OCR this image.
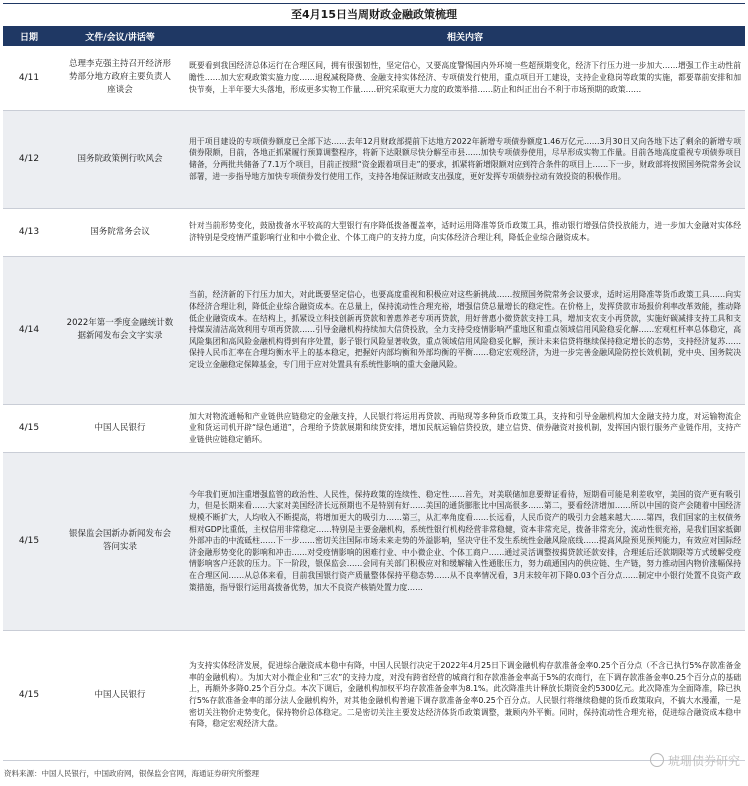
至4月15日当周财政金融政策梳理
日期	文件/会议/讲话等	相关内容
4/11	总理李克强主持召开经济形势部分地方政府主要负责人座谈会	既要看到我国经济总体运行在合理区间，拥有很强韧性，坚定信心，又要高度警惕国内外环境一些超预期变化，经济下行压力进一步加大……增强工作主动性前瞻性……加大宏观政策实施力度……退税减税降费、金融支持实体经济、专项债发行使用，重点项目开工建设，支持企业稳岗等政策的实施，都要靠前安排和加快节奏，上半年要大头落地，形成更多实物工作量……研究采取更大力度的政策举措……防止和纠正出台不利于市场预期的政策……
4/12	国务院政策例行吹风会	用于项目建设的专项债券额度已全部下达……去年12月财政部提前下达地方2022年新增专项债券额度1.46万亿元……3月30日又向各地下达了剩余的新增专项债券限额，目前，各地正抓紧履行预算调整程序，将新下达限额尽快分解至市县……加快专项债券使用，尽早形成实物工作量。目前各地高度重视专项债券项目储备，分两批共储备了7.1万个项目，目前正按照“资金跟着项目走”的要求，抓紧将新增限额对应到符合条件的项目上……下一步，财政部将按照国务院常务会议部署，进一步指导地方加快专项债券发行使用工作，支持各地保证财政支出强度，更好发挥专项债券拉动有效投资的积极作用。
4/13	国务院常务会议	针对当前形势变化，鼓励拨备水平较高的大型银行有序降低拨备覆盖率，适时运用降准等货币政策工具，推动银行增强信贷投放能力，进一步加大金融对实体经济特别是受疫情严重影响行业和中小微企业、个体工商户的支持力度，向实体经济合理让利，降低企业综合融资成本。
4/14	2022年第一季度金融统计数据新闻发布会文字实录	当前，经济新的下行压力加大，对此既要坚定信心，也要高度重视和积极应对这些新挑战……按照国务院常务会议要求，适时运用降准等货币政策工具……向实体经济合理让利，降低企业综合融资成本。在总量上，保持流动性合理充裕，增强信贷总量增长的稳定性。在价格上，发挥贷款市场报价利率改革效能，推动降低企业融资成本。在结构上，抓紧设立科技创新再贷款和普惠养老专项再贷款，用好普惠小微贷款支持工具，增加支农支小再贷款，实施好碳减排支持工具和支持煤炭清洁高效利用专项再贷款……引导金融机构持续加大信贷投放，全力支持受疫情影响严重地区和重点领域信用风险稳妥化解……宏观杠杆率总体稳定，高风险集团和高风险金融机构得到有序处置，影子银行风险显著收敛，重点领域信用风险稳妥化解，预计未来信贷将继续保持稳定增长的态势，支持经济复苏……保持人民币汇率在合理均衡水平上的基本稳定，把握好内部均衡和外部均衡的平衡……稳定宏观经济，为进一步完善金融风险防控长效机制，党中央、国务院决定设立金融稳定保障基金，专门用于应对处置具有系统性影响的重大金融风险。
4/15	中国人民银行	加大对物流通畅和产业链供应链稳定的金融支持，人民银行将运用再贷款、再贴现等多种货币政策工具，支持和引导金融机构加大金融支持力度，对运输物流企业和货运司机开辟“绿色通道”，合理给予贷款展期和续贷安排，增加民航运输信贷投放，建立信贷、债券融资对接机制，发挥国内银行服务产业链作用，支持产业链供应链稳定循环。
4/15	银保监会国新办新闻发布会答问实录	今年我们更加注重增强监管的政治性、人民性，保持政策的连续性、稳定性……首先，对美联储加息要辩证看待，短期看可能是利差收窄，美国的资产更有吸引力，但是长期来看……大家对美国经济长远预期也不是特别有好……美国的通货膨胀比中国高很多……第二，要看经济增加……所以中国的资产会随着中国经济规模不断扩大，人均收入不断提高，将增加更大的吸引力……第三，从汇率角度看……长远看，人民币资产的吸引力会越来越大……第四，我们国家的主权债务相对GDP比重低，主权信用非常稳定……特别是主要金融机构，系统性银行机构经营非常稳健，资本非常充足，拨备非常充分，流动性很充裕，是我们国家抵御外部冲击的中流砥柱……下一步……密切关注国际市场未来走势的外溢影响，坚决守住不发生系统性金融风险底线……提高风险预见预判能力，有效应对国际经济金融形势变化的影响和冲击……对受疫情影响的困难行业、中小微企业、个体工商户……通过灵活调整按揭贷款还款安排，合理延后还款期限等方式缓解受疫情影响客户还款的压力。下一阶段，银保监会……会同有关部门积极应对和缓解输入性通胀压力，努力疏通国内的供应链、生产链，努力推动国内物价涨幅保持在合理区间……从总体来看，目前我国银行资产质量整体保持平稳态势……从不良率情况看，3月末较年初下降0.03个百分点……制定中小银行处置不良资产政策措施，指导银行运用高拨备优势，加大不良资产核销处置力度……
4/15	中国人民银行	为支持实体经济发展，促进综合融资成本稳中有降，中国人民银行决定于2022年4月25日下调金融机构存款准备金率0.25个百分点（不含已执行5%存款准备金率的金融机构）。为加大对小微企业和“三农”的支持力度，对没有跨省经营的城商行和存款准备金率高于5%的农商行，在下调存款准备金率0.25个百分点的基础上，再额外多降0.25个百分点。本次下调后，金融机构加权平均存款准备金率为8.1%。此次降准共计释放长期资金约5300亿元。此次降准为全面降准，除已执行5%存款准备金率的部分法人金融机构外，对其他金融机构普遍下调存款准备金率0.25个百分点。人民银行将继续稳健的货币政策取向，不搞大水漫灌，一是密切关注物价走势变化，保持物价总体稳定。二是密切关注主要发达经济体货币政策调整，兼顾内外平衡。同时，保持流动性合理充裕，促进综合融资成本稳中有降，稳定宏观经济大盘。
琥珊债券研究
资料来源：中国人民银行，中国政府网，银保监会官网，海通证券研究所整理
